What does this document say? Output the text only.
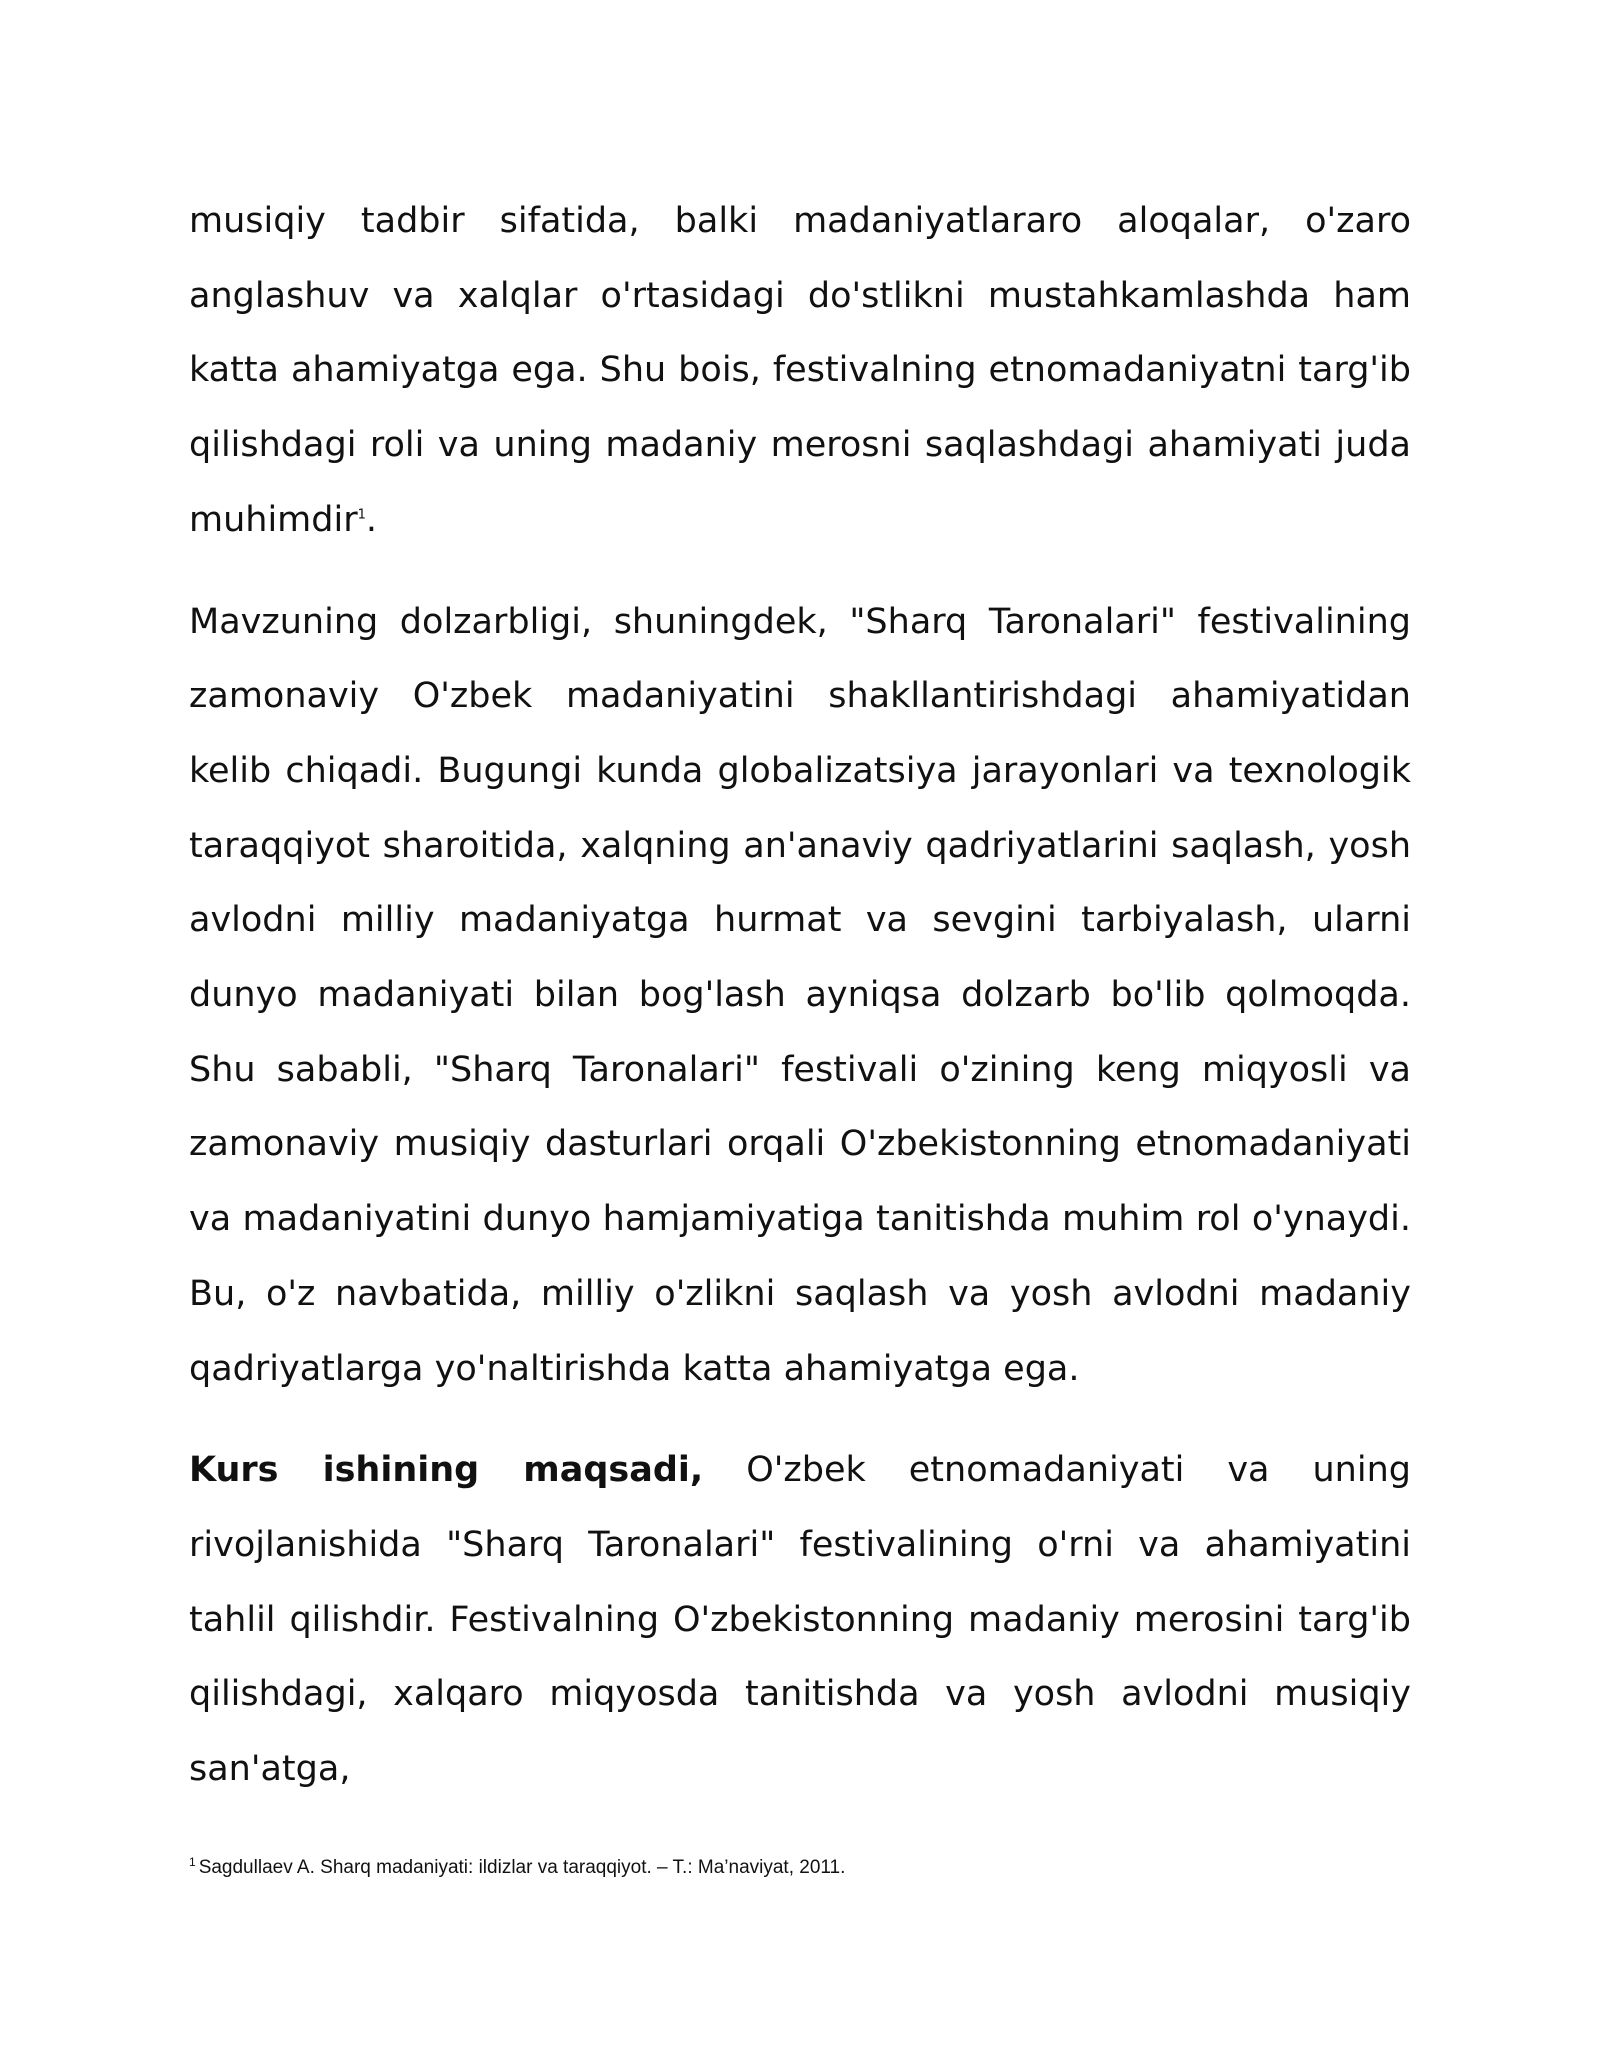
musiqiy tadbir sifatida, balki madaniyatlararo aloqalar, o'zaro anglashuv va xalqlar o'rtasidagi do'stlikni mustahkamlashda ham katta ahamiyatga ega. Shu bois, festivalning etnomadaniyatni targ'ib qilishdagi roli va uning madaniy merosni saqlashdagi ahamiyati juda muhimdir$^1$.

Mavzuning dolzarbligi, shuningdek, "Sharq Taronalari" festivalining zamonaviy O'zbek madaniyatini shakllantirishdagi ahamiyatidan kelib chiqadi. Bugungi kunda globalizatsiya jarayonlari va texnologik taraqqiyot sharoitida, xalqning an'anaviy qadriyatlarini saqlash, yosh avlodni milliy madaniyatga hurmat va sevgini tarbiyalash, ularni dunyo madaniyati bilan bog'lash ayniqsa dolzarb bo'lib qolmoqda. Shu sababli, "Sharq Taronalari" festivali o'zining keng miqyosli va zamonaviy musiqiy dasturlari orqali O'zbekistonning etnomadaniyati va madaniyatini dunyo hamjamiyatiga tanitishda muhim rol o'ynaydi. Bu, o'z navbatida, milliy o'zlikni saqlash va yosh avlodni madaniy qadriyatlarga yo'naltirishda katta ahamiyatga ega.

Kurs ishining maqsadi, O'zbek etnomadaniyati va uning rivojlanishida "Sharq Taronalari" festivalining o'rni va ahamiyatini tahlil qilishdir. Festivalning O'zbekistonning madaniy merosini targ'ib qilishdagi, xalqaro miqyosda tanitishda va yosh avlodni musiqiy san'atga,

$^1$ Sagdullaev A. Sharq madaniyati: ildizlar va taraqqiyot. – T.: Ma’naviyat, 2011.
